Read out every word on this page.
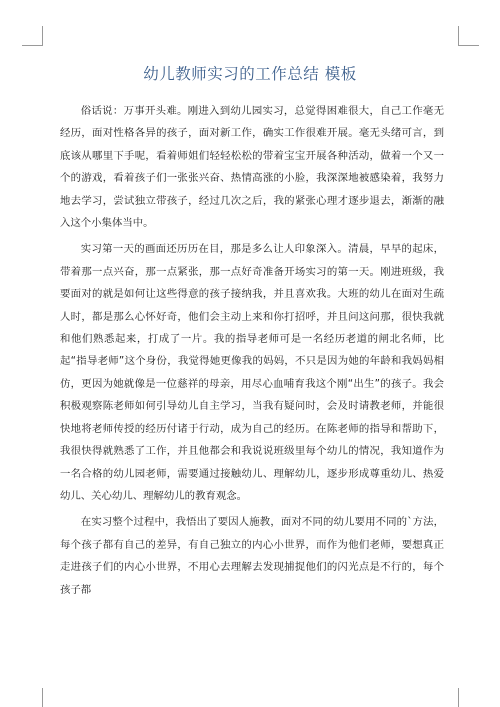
幼儿教师实习的工作总结 模板

俗话说：万事开头难。刚进入到幼儿园实习，总觉得困难很大，自己工作毫无经历，面对性格各异的孩子，面对新工作，确实工作很难开展。毫无头绪可言，到底该从哪里下手呢，看着师姐们轻轻松松的带着宝宝开展各种活动，做着一个又一个的游戏，看着孩子们一张张兴奋、热情高涨的小脸，我深深地被感染着，我努力地去学习，尝试独立带孩子，经过几次之后，我的紧张心理才逐步退去，渐渐的融入这个小集体当中。

实习第一天的画面还历历在目，那是多么让人印象深入。清晨，早早的起床，带着那一点兴奋，那一点紧张，那一点好奇准备开场实习的第一天。刚进班级，我要面对的就是如何让这些得意的孩子接纳我，并且喜欢我。大班的幼儿在面对生疏人时，都是那么心怀好奇，他们会主动上来和你打招呼，并且问这问那，很快我就和他们熟悉起来，打成了一片。我的指导老师可是一名经历老道的闸北名师，比起“指导老师”这个身份，我觉得她更像我的妈妈，不只是因为她的年龄和我妈妈相仿，更因为她就像是一位慈祥的母亲，用尽心血哺育我这个刚“出生”的孩子。我会积极观察陈老师如何引导幼儿自主学习，当我有疑问时，会及时请教老师，并能很快地将老师传授的经历付诸于行动，成为自己的经历。在陈老师的指导和帮助下，我很快得就熟悉了工作，并且他都会和我说说班级里每个幼儿的情况，我知道作为一名合格的幼儿园老师，需要通过接触幼儿、理解幼儿，逐步形成尊重幼儿、热爱幼儿、关心幼儿、理解幼儿的教育观念。

在实习整个过程中，我悟出了要因人施教，面对不同的幼儿要用不同的`方法，每个孩子都有自己的差异，有自己独立的内心小世界，而作为他们老师，要想真正走进孩子们的内心小世界，不用心去理解去发现捕捉他们的闪光点是不行的，每个孩子都
